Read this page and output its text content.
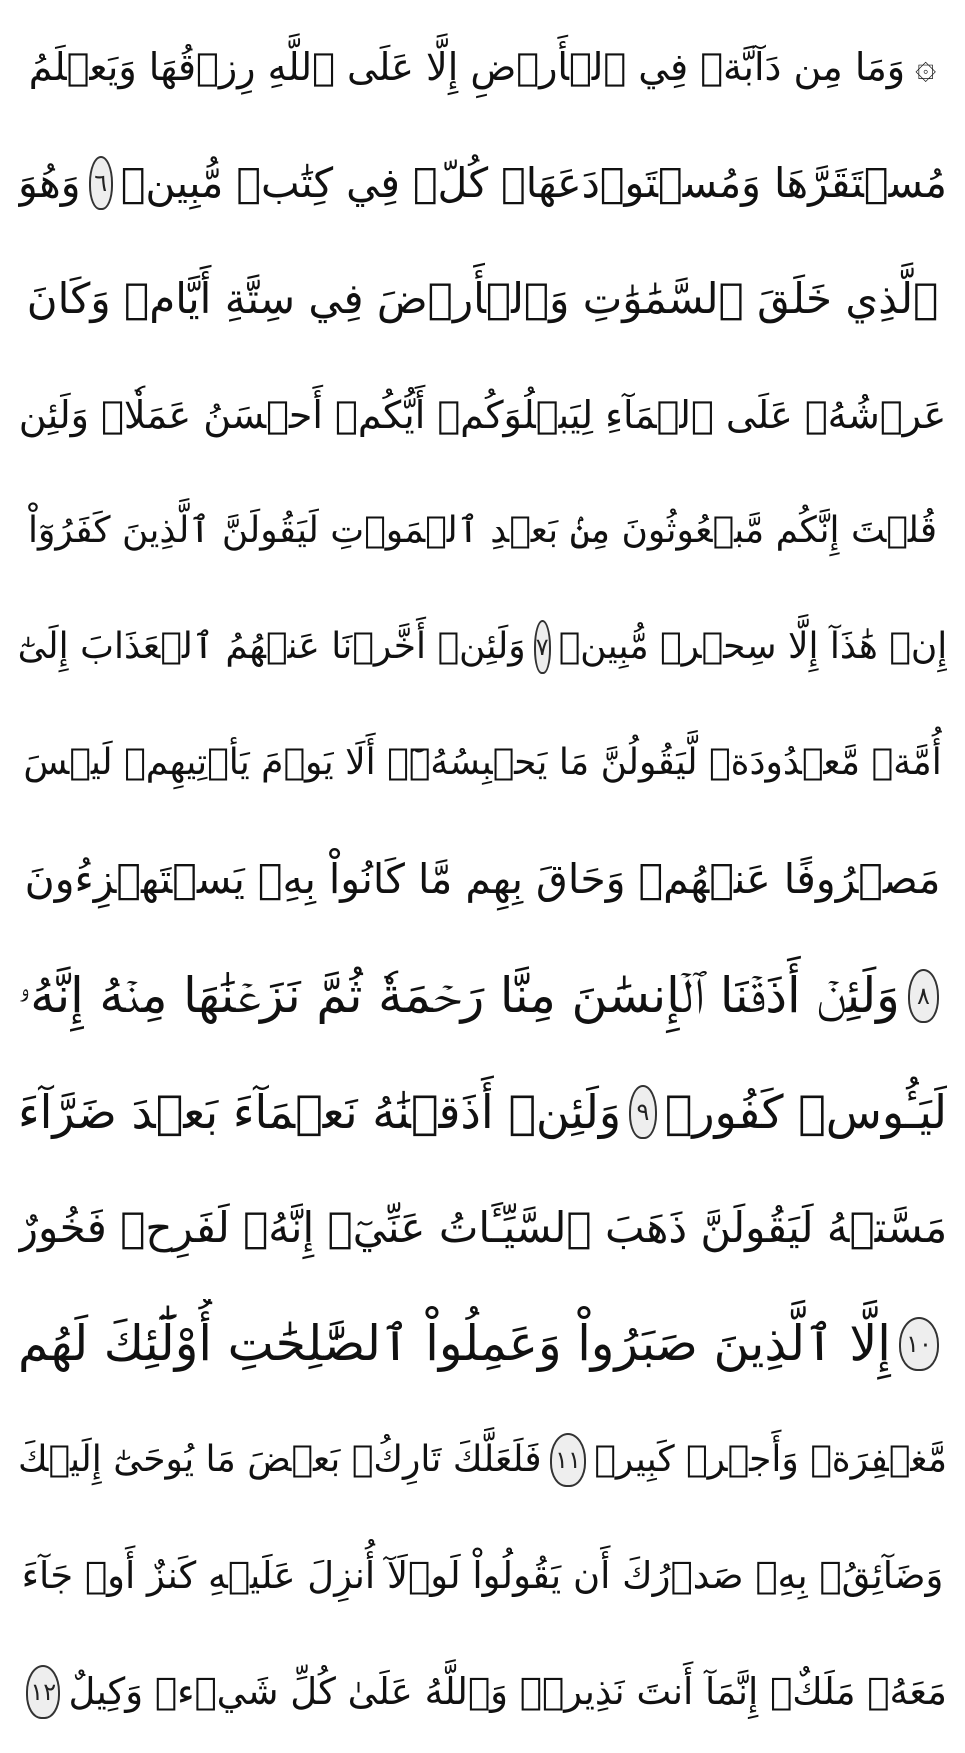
۞
وَمَا مِن دَآبَّةٖ فِي ٱلۡأَرۡضِ إِلَّا عَلَى ٱللَّهِ رِزۡقُهَا وَيَعۡلَمُ
مُسۡتَقَرَّهَا وَمُسۡتَوۡدَعَهَاۚ كُلّٞ فِي كِتَٰبٖ مُّبِينٖ
٦
وَهُوَ
ٱلَّذِي خَلَقَ ٱلسَّمَٰوَٰتِ وَٱلۡأَرۡضَ فِي سِتَّةِ أَيَّامٖ وَكَانَ
عَرۡشُهُۥ عَلَى ٱلۡمَآءِ لِيَبۡلُوَكُمۡ أَيُّكُمۡ أَحۡسَنُ عَمَلٗاۗ وَلَئِن
قُلۡتَ إِنَّكُم مَّبۡعُوثُونَ مِنۢ بَعۡدِ ٱلۡمَوۡتِ لَيَقُولَنَّ ٱلَّذِينَ كَفَرُوٓاْ
إِنۡ هَٰذَآ إِلَّا سِحۡرٞ مُّبِينٞ
٧
وَلَئِنۡ أَخَّرۡنَا عَنۡهُمُ ٱلۡعَذَابَ إِلَىٰٓ
أُمَّةٖ مَّعۡدُودَةٖ لَّيَقُولُنَّ مَا يَحۡبِسُهُۥٓۗ أَلَا يَوۡمَ يَأۡتِيهِمۡ لَيۡسَ
مَصۡرُوفًا عَنۡهُمۡ وَحَاقَ بِهِم مَّا كَانُواْ بِهِۦ يَسۡتَهۡزِءُونَ
٨
وَلَئِنۡ أَذَقۡنَا ٱلۡإِنسَٰنَ مِنَّا رَحۡمَةٗ ثُمَّ نَزَعۡنَٰهَا مِنۡهُ إِنَّهُۥ
لَيَـُٔوسٞ كَفُورٞ
٩
وَلَئِنۡ أَذَقۡنَٰهُ نَعۡمَآءَ بَعۡدَ ضَرَّآءَ
مَسَّتۡهُ لَيَقُولَنَّ ذَهَبَ ٱلسَّيِّـَٔاتُ عَنِّيٓۚ إِنَّهُۥ لَفَرِحٞ فَخُورٌ
١٠
إِلَّا ٱلَّذِينَ صَبَرُواْ وَعَمِلُواْ ٱلصَّٰلِحَٰتِ أُوْلَٰٓئِكَ لَهُم
مَّغۡفِرَةٞ وَأَجۡرٞ كَبِيرٞ
١١
فَلَعَلَّكَ تَارِكُۢ بَعۡضَ مَا يُوحَىٰٓ إِلَيۡكَ
وَضَآئِقُۢ بِهِۦ صَدۡرُكَ أَن يَقُولُواْ لَوۡلَآ أُنزِلَ عَلَيۡهِ كَنزٌ أَوۡ جَآءَ
مَعَهُۥ مَلَكٌۚ إِنَّمَآ أَنتَ نَذِيرٞۚ وَٱللَّهُ عَلَىٰ كُلِّ شَيۡءٖ وَكِيلٌ
١٢
